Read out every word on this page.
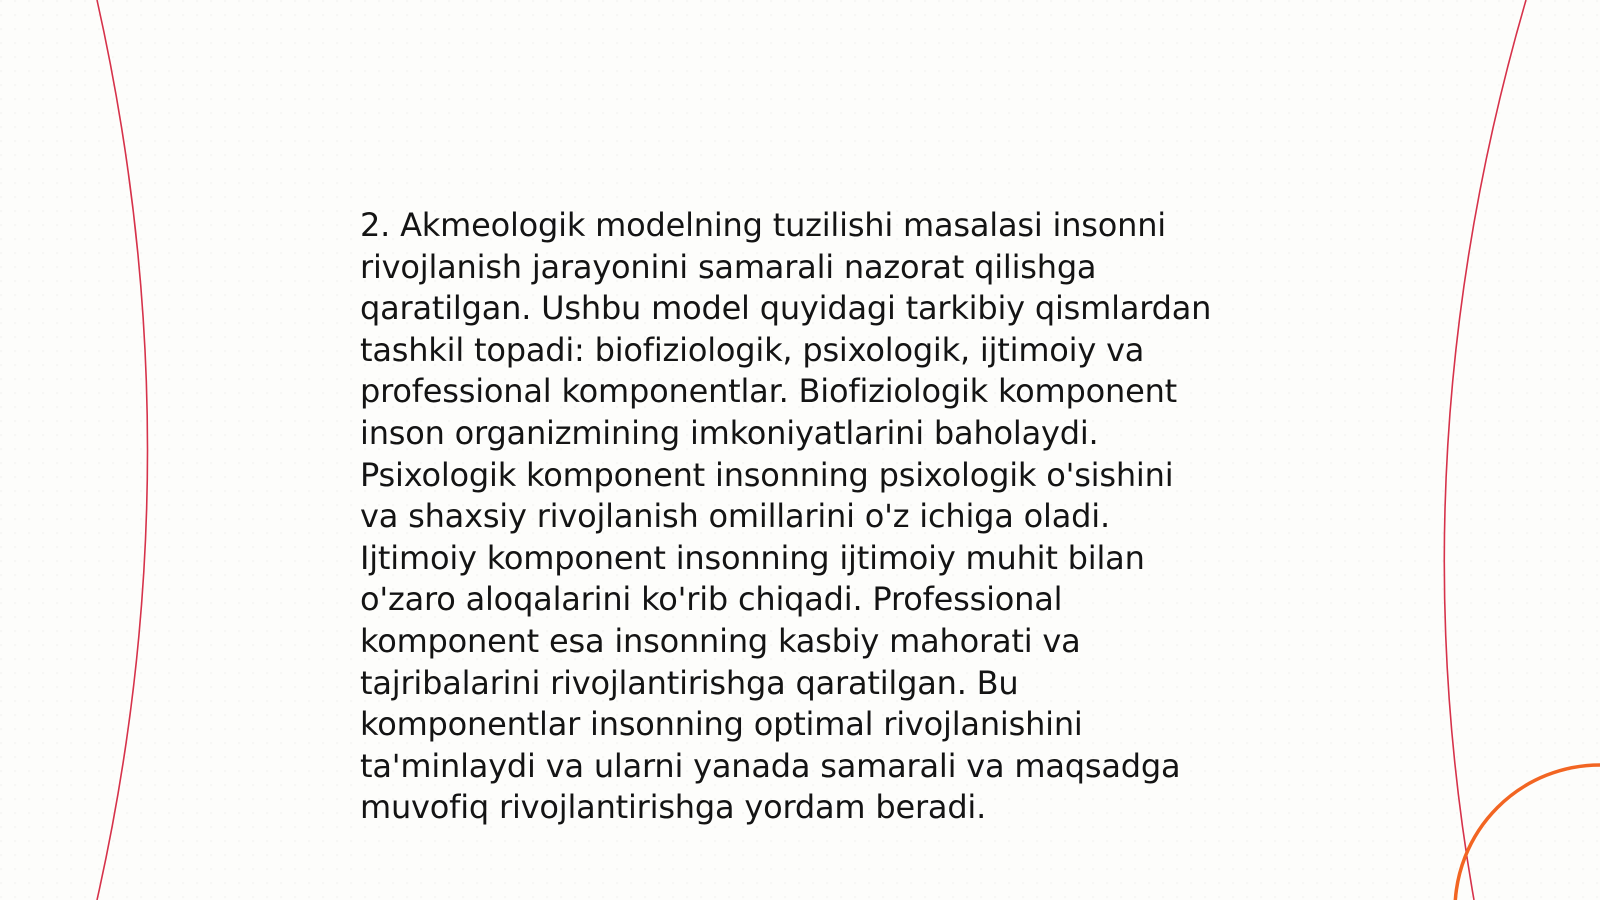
2. Akmeologik modelning tuzilishi masalasi insonni
rivojlanish jarayonini samarali nazorat qilishga
qaratilgan. Ushbu model quyidagi tarkibiy qismlardan
tashkil topadi: biofiziologik, psixologik, ijtimoiy va
professional komponentlar. Biofiziologik komponent
inson organizmining imkoniyatlarini baholaydi.
Psixologik komponent insonning psixologik o'sishini
va shaxsiy rivojlanish omillarini o'z ichiga oladi.
Ijtimoiy komponent insonning ijtimoiy muhit bilan
o'zaro aloqalarini ko'rib chiqadi. Professional
komponent esa insonning kasbiy mahorati va
tajribalarini rivojlantirishga qaratilgan. Bu
komponentlar insonning optimal rivojlanishini
ta'minlaydi va ularni yanada samarali va maqsadga
muvofiq rivojlantirishga yordam beradi.
